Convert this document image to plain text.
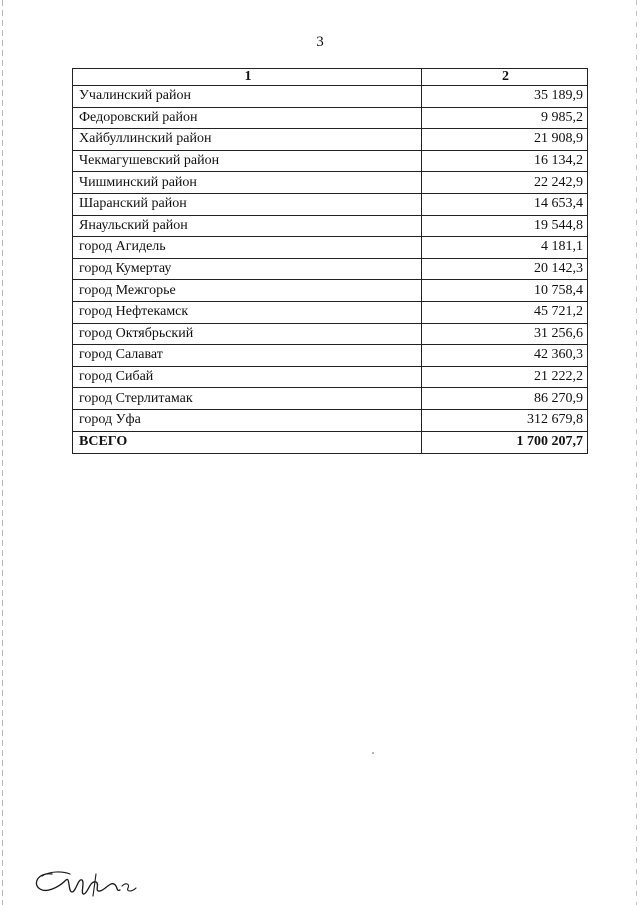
3
1	2
Учалинский район	35 189,9
Федоровский район	9 985,2
Хайбуллинский район	21 908,9
Чекмагушевский район	16 134,2
Чишминский район	22 242,9
Шаранский район	14 653,4
Янаульский район	19 544,8
город Агидель	4 181,1
город Кумертау	20 142,3
город Межгорье	10 758,4
город Нефтекамск	45 721,2
город Октябрьский	31 256,6
город Салават	42 360,3
город Сибай	21 222,2
город Стерлитамак	86 270,9
город Уфа	312 679,8
ВСЕГО	1 700 207,7
